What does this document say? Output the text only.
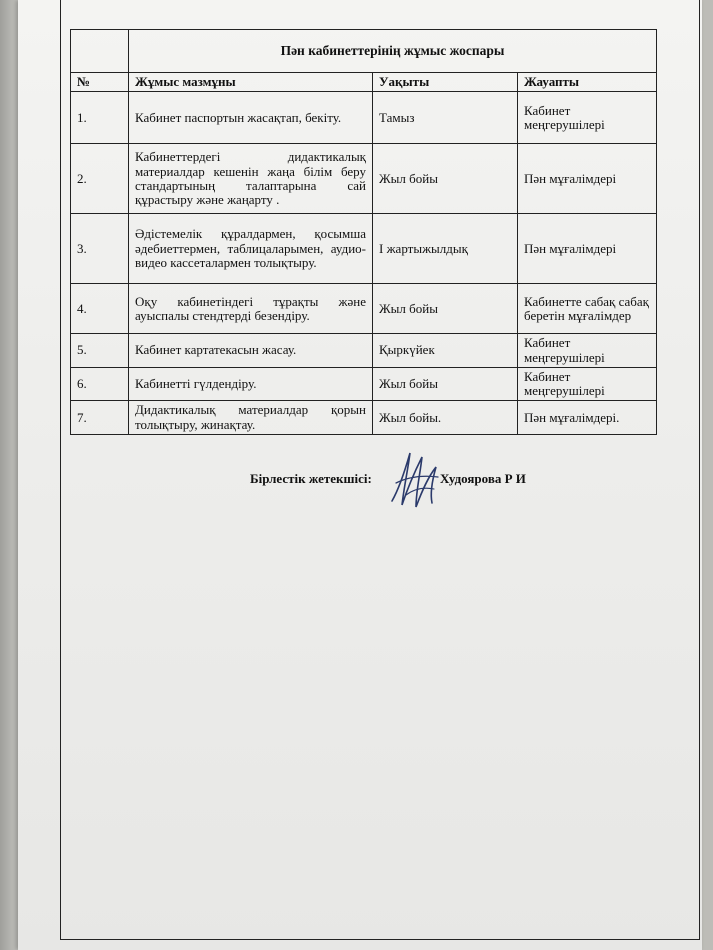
	Пән кабинеттерінің жұмыс жоспары		
№	Жұмыс мазмұны	Уақыты	Жауапты
1.	Кабинет паспортын жасақтап, бекіту.	Тамыз	Кабинет меңгерушілері
2.	Кабинеттердегі дидактикалық материалдар кешенін жаңа білім беру стандартының талаптарына сай құрастыру және жаңарту .	Жыл бойы	Пән мұғалімдері
3.	Әдістемелік құралдармен, қосымша әдебиеттермен, таблицаларымен, аудио-видео кассеталармен толықтыру.	І жартыжылдық	Пән мұғалімдері
4.	Оқу кабинетіндегі тұрақты және ауыспалы стендтерді безендіру.	Жыл бойы	Кабинетте сабақ сабақ беретін мұғалімдер
5.	Кабинет картатекасын жасау.	Қыркүйек	Кабинет меңгерушілері
6.	Кабинетті гүлдендіру.	Жыл бойы	Кабинет меңгерушілері
7.	Дидактикалық материалдар қорын толықтыру, жинақтау.	Жыл бойы.	Пән мұғалімдері.
Бірлестік жетекшісі:	Худоярова Р И
